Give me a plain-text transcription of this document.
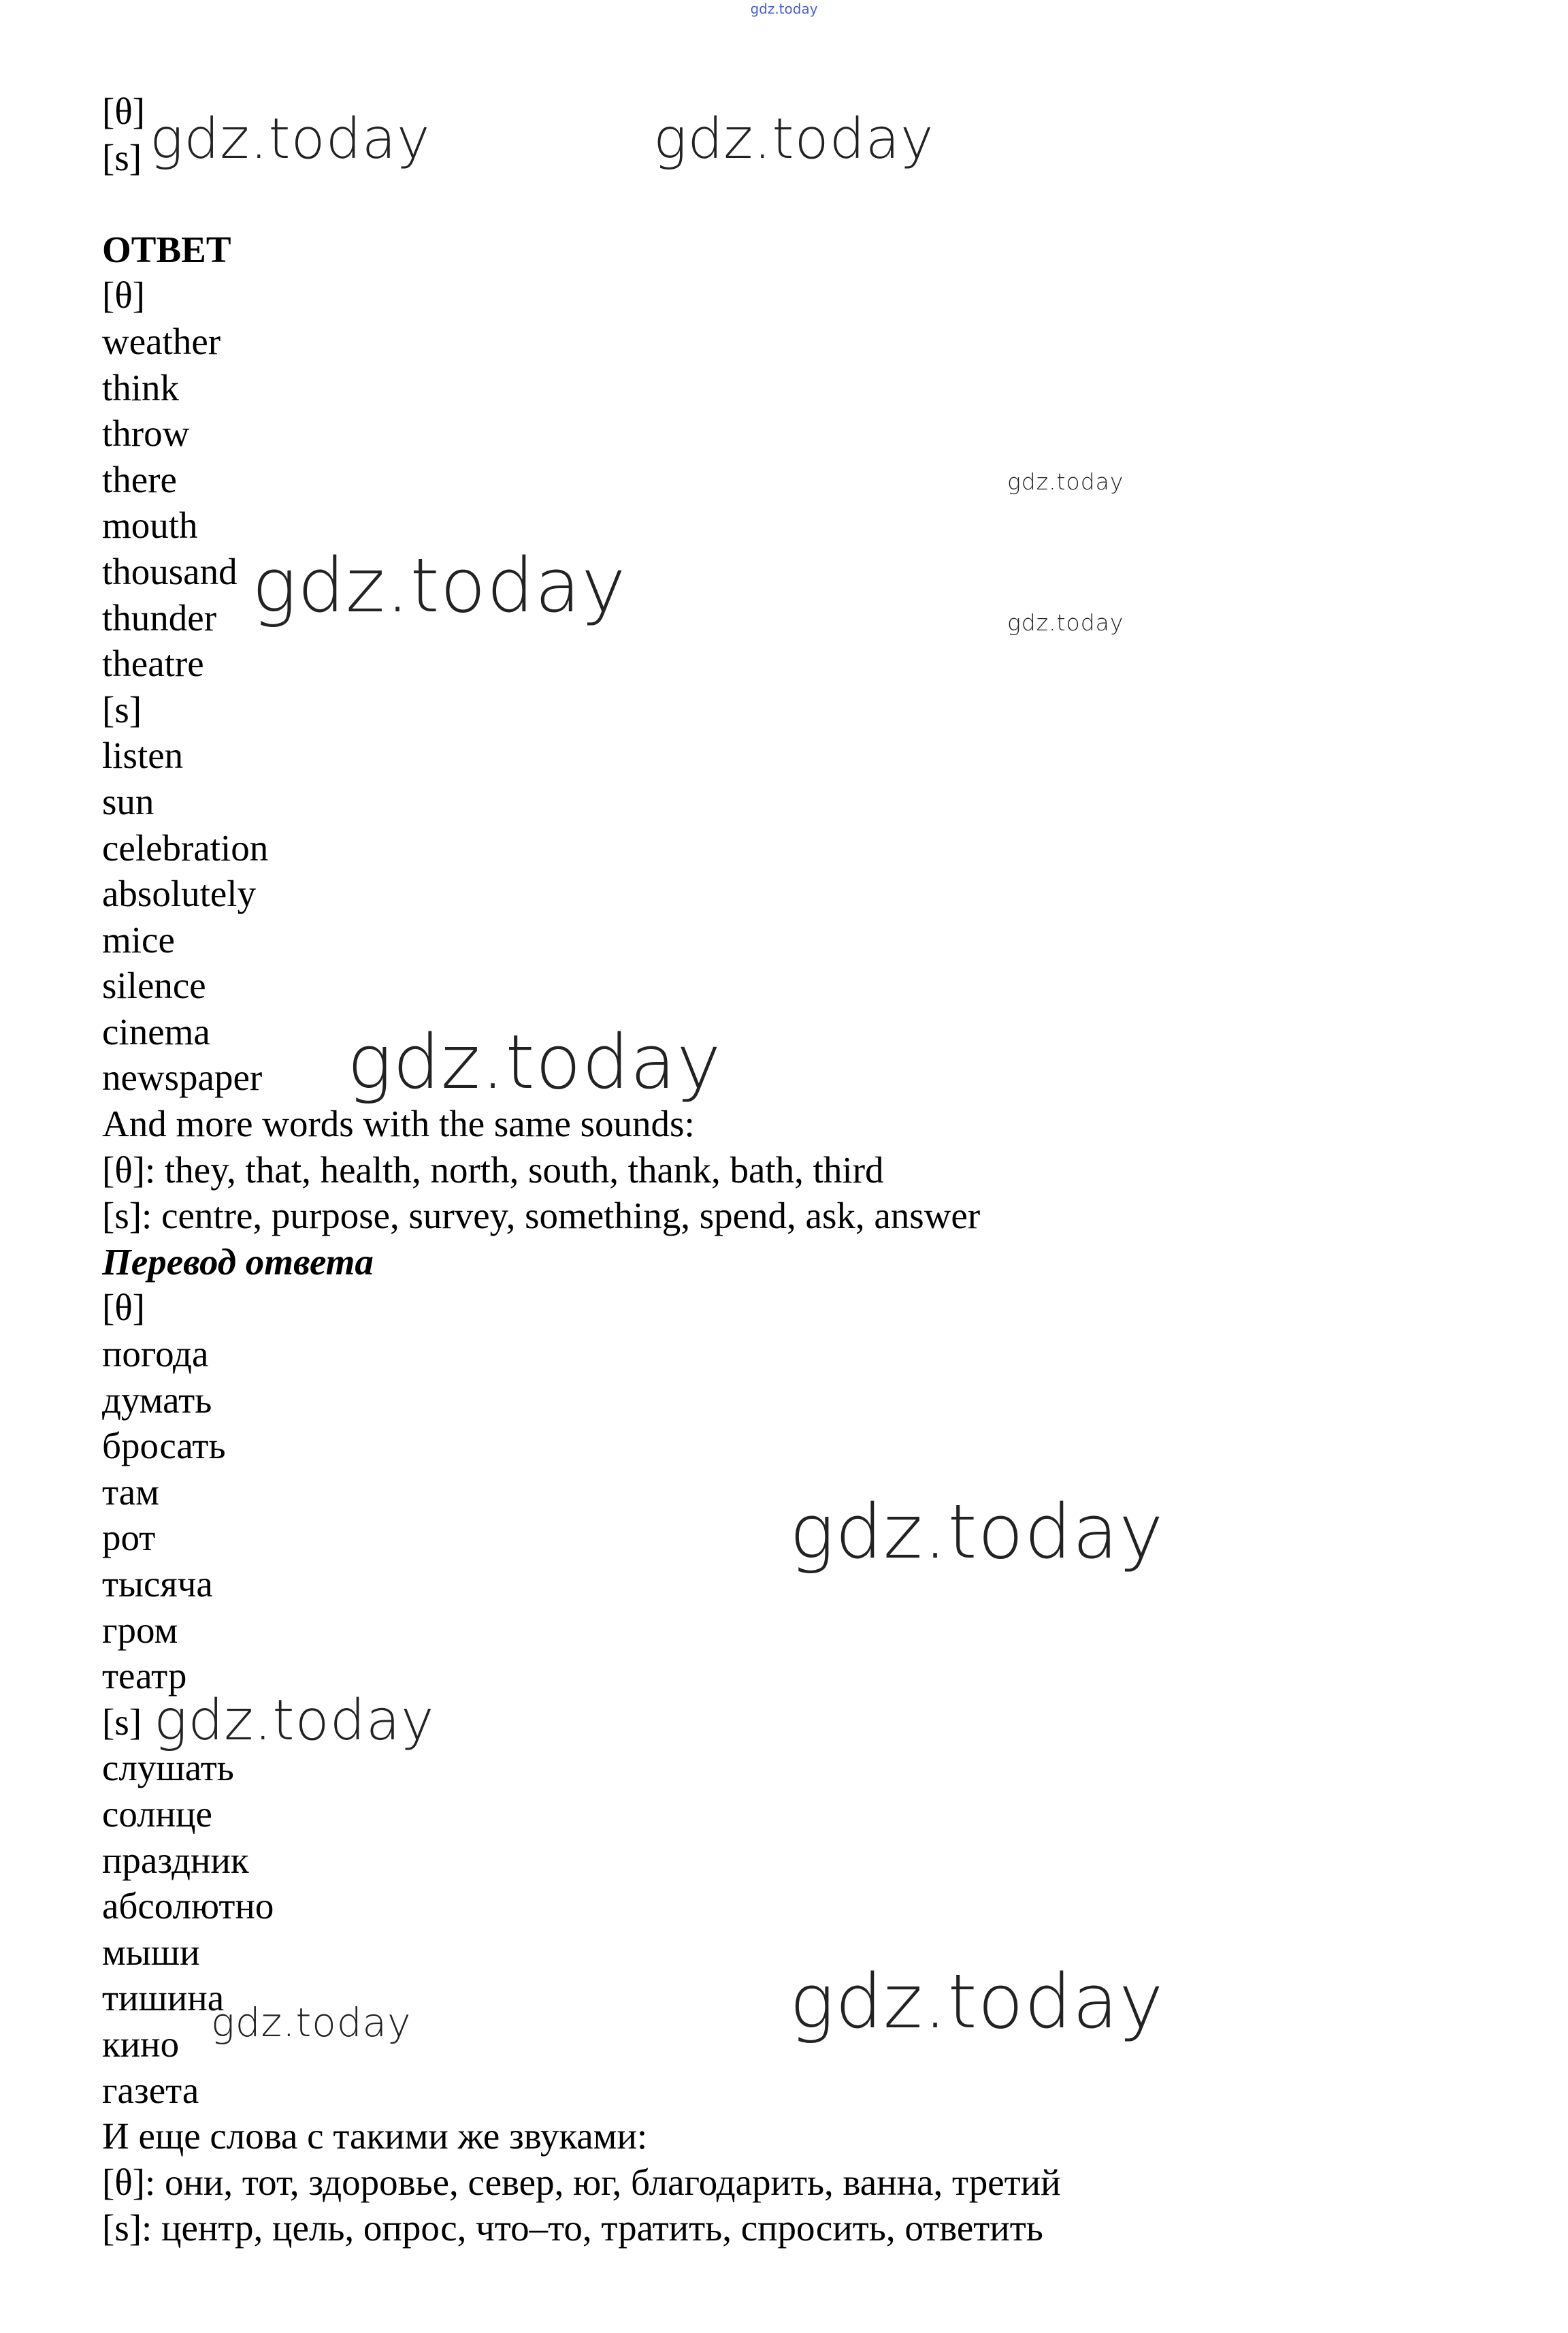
gdz.today
[θ]
[s]
ОТВЕТ
[θ]
weather
think
throw
there
mouth
thousand
thunder
theatre
[s]
listen
sun
celebration
absolutely
mice
silence
cinema
newspaper
And more words with the same sounds:
[θ]: they, that, health, north, south, thank, bath, third
[s]: centre, purpose, survey, something, spend, ask, answer
Перевод ответа
[θ]
погода
думать
бросать
там
рот
тысяча
гром
театр
[s]
слушать
солнце
праздник
абсолютно
мыши
тишина
кино
газета
И еще слова с такими же звуками:
[θ]: они, тот, здоровье, север, юг, благодарить, ванна, третий
[s]: центр, цель, опрос, что–то, тратить, спросить, ответить
gdz.today	gdz.today
gdz.today
gdz.today	gdz.today
gdz.today
gdz.today
gdz.today
gdz.today
gdz.today
